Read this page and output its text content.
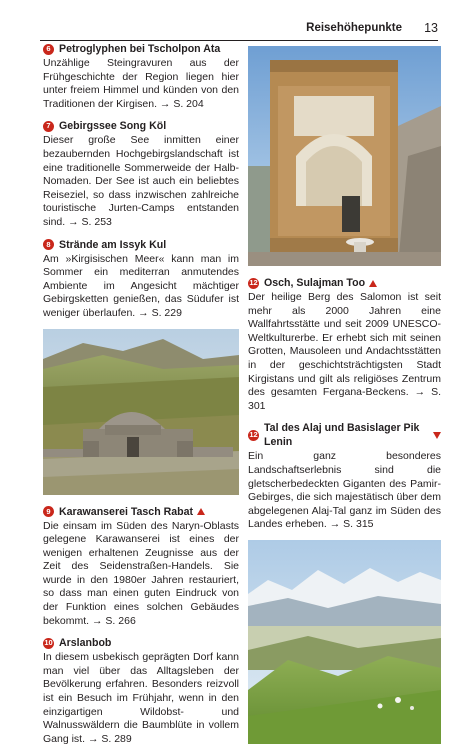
Reisehöhepunkte 13
6 Petroglyphen bei Tscholpon Ata

Unzählige Steingravuren aus der Frühgeschichte der Region liegen hier unter freiem Himmel und künden von den Traditionen der Kirgisen. → S. 204

7 Gebirgssee Song Köl

Dieser große See inmitten einer bezaubernden Hochgebirgslandschaft ist eine traditionelle Sommerweide der Halb-Nomaden. Der See ist auch ein beliebtes Reiseziel, so dass inzwischen zahlreiche touristische Jurten-Camps entstanden sind. → S. 253

8 Strände am Issyk Kul

Am »Kirgisischen Meer« kann man im Sommer ein mediterran anmutendes Ambiente im Angesicht mächtiger Gebirgsketten genießen, das Südufer ist weniger überlaufen. → S. 229

9 Karawanserei Tasch Rabat

Die einsam im Süden des Naryn-Oblasts gelegene Karawanserei ist eines der wenigen erhaltenen Zeugnisse aus der Zeit des Seidenstraßen-Handels. Sie wurde in den 1980er Jahren restauriert, so dass man einen guten Eindruck von der Funktion eines solchen Gebäudes bekommt. → S. 266

10 Arslanbob

In diesem usbekisch geprägten Dorf kann man viel über das Alltagsleben der Bevölkerung erfahren. Besonders reizvoll ist ein Besuch im Frühjahr, wenn in den einzigartigen Wildobst- und Walnusswäldern die Baumblüte in vollem Gang ist. → S. 289

12 Osch, Sulajman Too

Der heilige Berg des Salomon ist seit mehr als 2000 Jahren eine Wallfahrtsstätte und seit 2009 UNESCO-Weltkulturerbe. Er erhebt sich mit seinen Grotten, Mausoleen und Andachtsstätten in der geschichtsträchtigsten Stadt Kirgistans und gilt als religiöses Zentrum des gesamten Fergana-Beckens. → S. 301

12
Tal des Alaj und Basislager Pik Lenin

Ein ganz besonderes Landschaftserlebnis sind die gletscherbedeckten Giganten des Pamir-Gebirges, die sich majestätisch über dem abgelegenen Alaj-Tal ganz im Süden des Landes erheben. → S. 315
